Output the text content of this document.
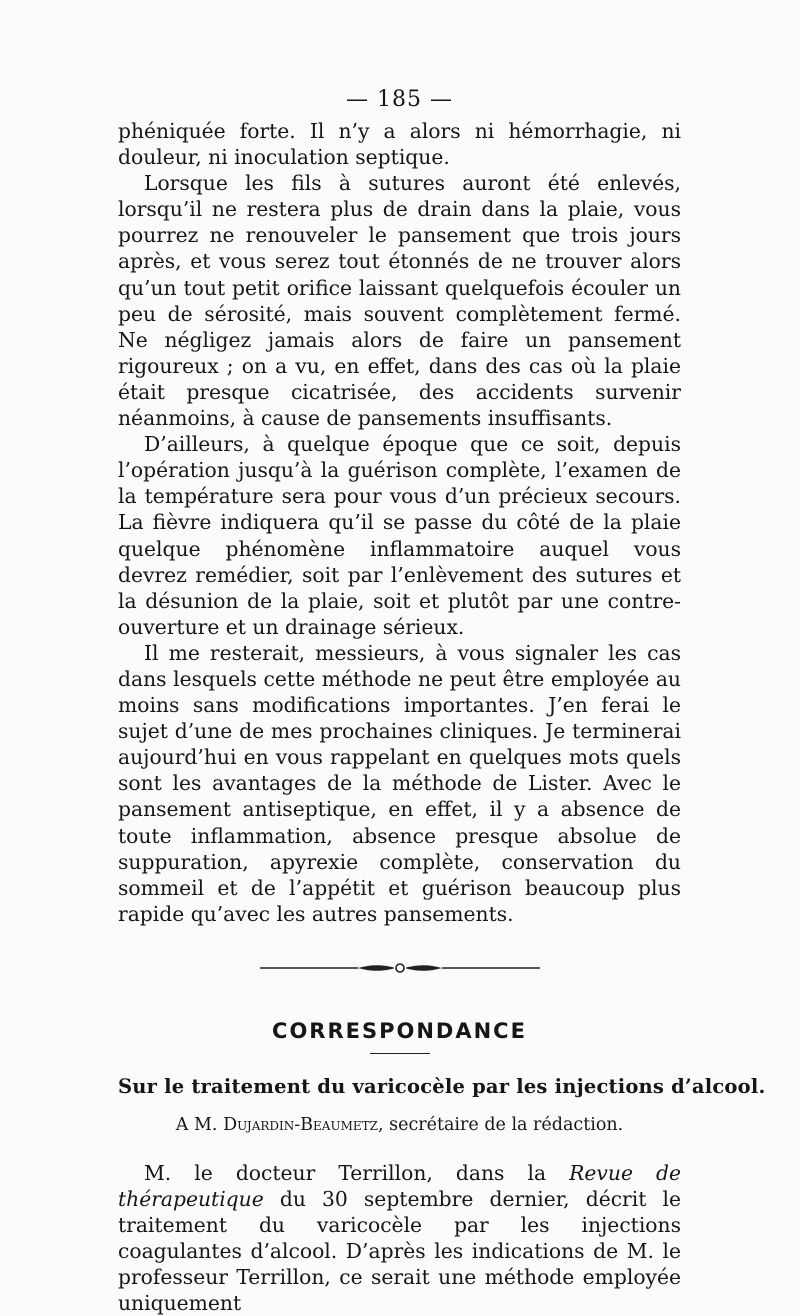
— 185 —

phéniquée forte. Il n’y a alors ni hémorrhagie, ni douleur, ni inoculation septique.

Lorsque les fils à sutures auront été enlevés, lorsqu’il ne restera plus de drain dans la plaie, vous pourrez ne renouveler le pansement que trois jours après, et vous serez tout étonnés de ne trouver alors qu’un tout petit orifice laissant quelquefois écouler un peu de sérosité, mais souvent complètement fermé. Ne négligez jamais alors de faire un pansement rigoureux ; on a vu, en effet, dans des cas où la plaie était presque cicatrisée, des accidents survenir néanmoins, à cause de pansements insuffisants.

D’ailleurs, à quelque époque que ce soit, depuis l’opération jusqu’à la guérison complète, l’examen de la température sera pour vous d’un précieux secours. La fièvre indiquera qu’il se passe du côté de la plaie quelque phénomène inflammatoire auquel vous devrez remédier, soit par l’enlèvement des sutures et la désunion de la plaie, soit et plutôt par une contre-ouverture et un drainage sérieux.

Il me resterait, messieurs, à vous signaler les cas dans lesquels cette méthode ne peut être employée au moins sans modifications importantes. J’en ferai le sujet d’une de mes prochaines cliniques. Je terminerai aujourd’hui en vous rappelant en quelques mots quels sont les avantages de la méthode de Lister. Avec le pansement antiseptique, en effet, il y a absence de toute inflammation, absence presque absolue de suppuration, apyrexie complète, conservation du sommeil et de l’appétit et guérison beaucoup plus rapide qu’avec les autres pansements.

CORRESPONDANCE
Sur le traitement du varicocèle par les injections d’alcool.
A M. Dujardin-Beaumetz, secrétaire de la rédaction.

M. le docteur Terrillon, dans la Revue de thérapeutique du 30 septembre dernier, décrit le traitement du varicocèle par les injections coagulantes d’alcool. D’après les indications de M. le professeur Terrillon, ce serait une méthode employée uniquement
